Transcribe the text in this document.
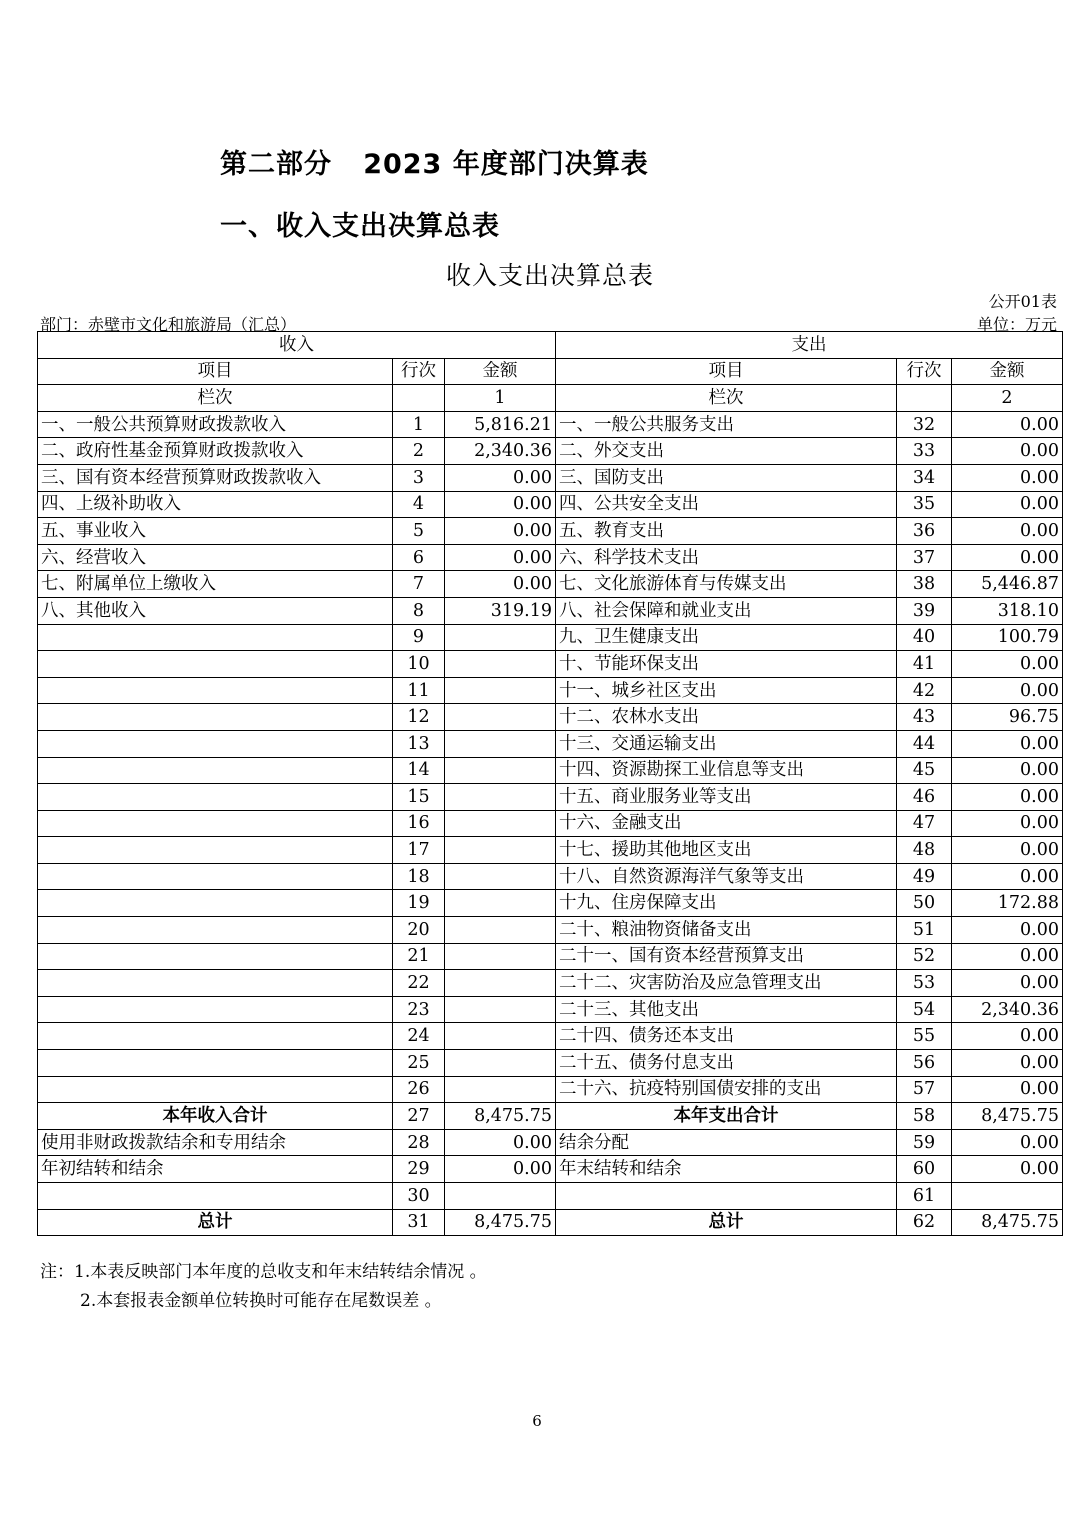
第二部分   2023 年度部门决算表
一、收入支出决算总表
收入支出决算总表
公开01表
部门：赤壁市文化和旅游局（汇总）	单位：万元
收入			支出		
项目	行次	金额	项目	行次	金额
栏次		1	栏次		2
一、一般公共预算财政拨款收入	1	5,816.21	一、一般公共服务支出	32	0.00
二、政府性基金预算财政拨款收入	2	2,340.36	二、外交支出	33	0.00
三、国有资本经营预算财政拨款收入	3	0.00	三、国防支出	34	0.00
四、上级补助收入	4	0.00	四、公共安全支出	35	0.00
五、事业收入	5	0.00	五、教育支出	36	0.00
六、经营收入	6	0.00	六、科学技术支出	37	0.00
七、附属单位上缴收入	7	0.00	七、文化旅游体育与传媒支出	38	5,446.87
八、其他收入	8	319.19	八、社会保障和就业支出	39	318.10
	9		九、卫生健康支出	40	100.79
	10		十、节能环保支出	41	0.00
	11		十一、城乡社区支出	42	0.00
	12		十二、农林水支出	43	96.75
	13		十三、交通运输支出	44	0.00
	14		十四、资源勘探工业信息等支出	45	0.00
	15		十五、商业服务业等支出	46	0.00
	16		十六、金融支出	47	0.00
	17		十七、援助其他地区支出	48	0.00
	18		十八、自然资源海洋气象等支出	49	0.00
	19		十九、住房保障支出	50	172.88
	20		二十、粮油物资储备支出	51	0.00
	21		二十一、国有资本经营预算支出	52	0.00
	22		二十二、灾害防治及应急管理支出	53	0.00
	23		二十三、其他支出	54	2,340.36
	24		二十四、债务还本支出	55	0.00
	25		二十五、债务付息支出	56	0.00
	26		二十六、抗疫特别国债安排的支出	57	0.00
本年收入合计	27	8,475.75	本年支出合计	58	8,475.75
使用非财政拨款结余和专用结余	28	0.00	结余分配	59	0.00
年初结转和结余	29	0.00	年末结转和结余	60	0.00
	30			61	
总计	31	8,475.75	总计	62	8,475.75
注：1.本表反映部门本年度的总收支和年末结转结余情况 。
2.本套报表金额单位转换时可能存在尾数误差 。
6
